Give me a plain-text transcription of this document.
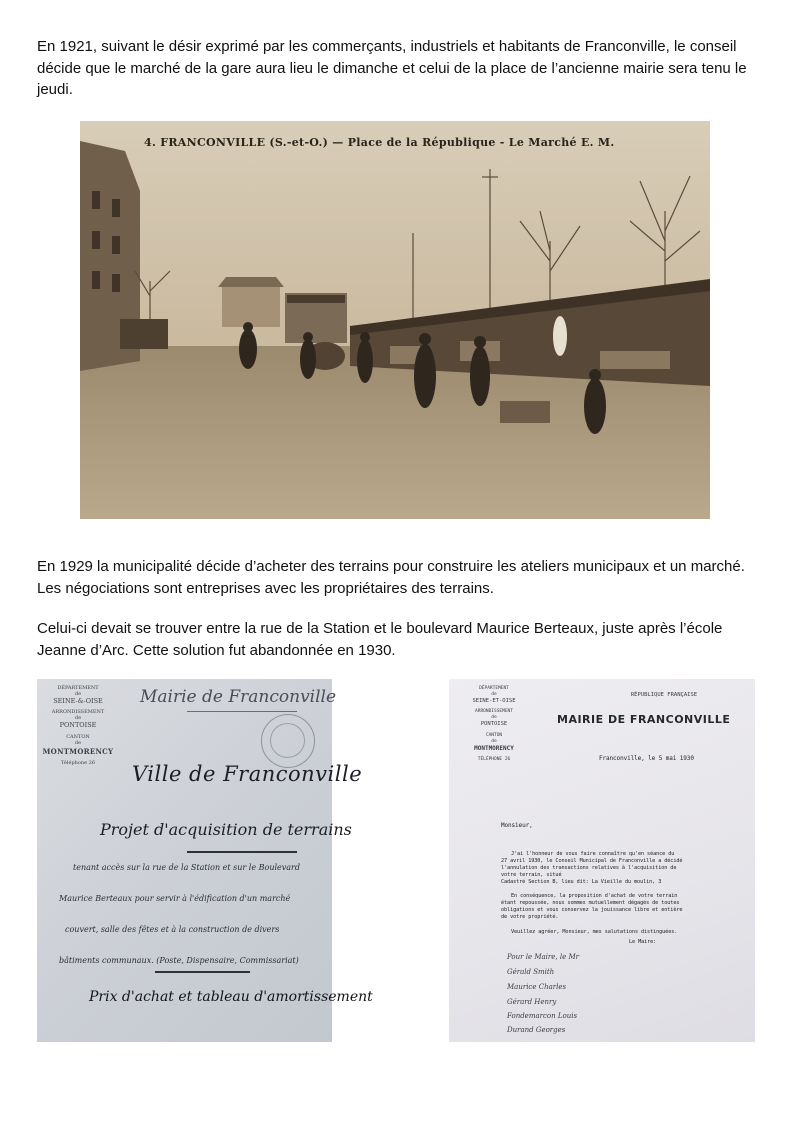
En 1921, suivant le désir exprimé par les commerçants, industriels et habitants de Franconville, le conseil décide que le marché de la gare aura lieu le dimanche et celui de la place de l’ancienne mairie sera tenu le jeudi.

4. FRANCONVILLE (S.-et-O.) — Place de la République - Le Marché E. M.

En 1929 la municipalité décide d’acheter des terrains pour construire les ateliers municipaux et un marché. Les négociations sont entreprises avec les propriétaires des terrains.

Celui-ci devait se trouver entre la rue de la Station et le boulevard Maurice Berteaux, juste après l’école Jeanne d’Arc. Cette solution fut abandonnée en 1930.

DÉPARTEMENT
de
SEINE-&-OISE
ARRONDISSEMENT
de
PONTOISE
CANTON
de
MONTMORENCY
Téléphone 26
Mairie de Franconville
Ville de Franconville
Projet d'acquisition de terrains
tenant accès sur la rue de la Station et sur le Boulevard
Maurice Berteaux pour servir à l'édification d'un marché
couvert, salle des fêtes et à la construction de divers
bâtiments communaux. (Poste, Dispensaire, Commissariat)
Prix d'achat et tableau d'amortissement
DÉPARTEMENT
de
SEINE-ET-OISE
ARRONDISSEMENT
de
PONTOISE
CANTON
de
MONTMORENCY
TÉLÉPHONE 26
RÉPUBLIQUE FRANÇAISE
MAIRIE DE FRANCONVILLE
Franconville, le 5 mai 1930
Monsieur,
J'ai l'honneur de vous faire connaître qu'en séance du
27 avril 1930, le Conseil Municipal de Franconville a décidé
l'annulation des transactions relatives à l'acquisition de
votre terrain, situé
Cadastré Section B, lieu dit: La Vieille du moulin, 3
En conséquence, la proposition d'achat de votre terrain
étant repoussée, nous sommes mutuellement dégagés de toutes
obligations et vous conservez la jouissance libre et entière
de votre propriété.
Veuillez agréer, Monsieur, mes salutations distinguées.
Le Maire:
Pour le Maire, le Mr
Gérald Smith
Maurice Charles
Gérard Henry
Fondemarcon Louis
Durand Georges
